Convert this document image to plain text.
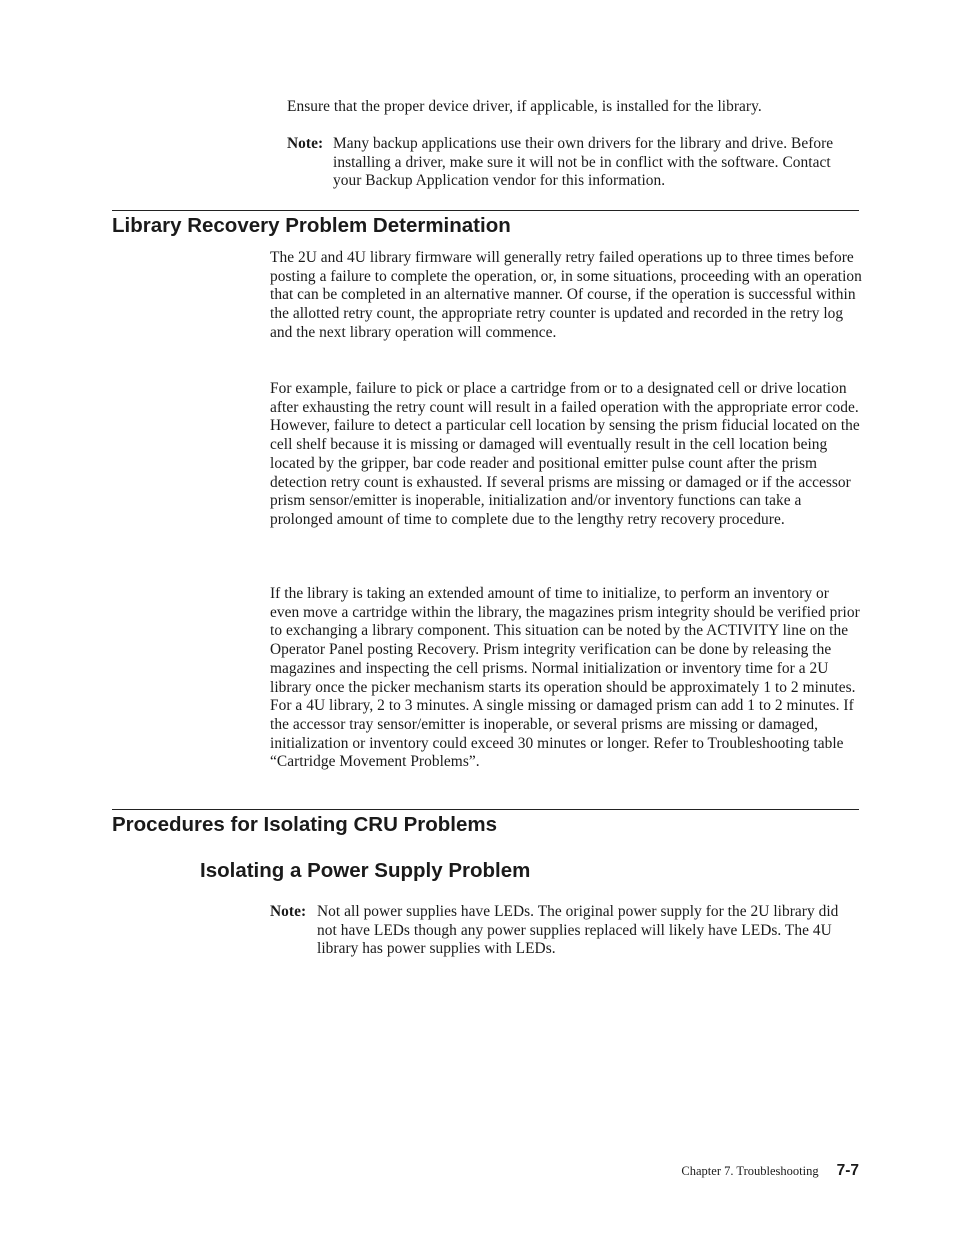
Ensure that the proper device driver, if applicable, is installed for the library.

Note: Many backup applications use their own drivers for the library and drive. Before installing a driver, make sure it will not be in conflict with the software. Contact your Backup Application vendor for this information.
Library Recovery Problem Determination

The 2U and 4U library firmware will generally retry failed operations up to three times before posting a failure to complete the operation, or, in some situations, proceeding with an operation that can be completed in an alternative manner. Of course, if the operation is successful within the allotted retry count, the appropriate retry counter is updated and recorded in the retry log and the next library operation will commence.

For example, failure to pick or place a cartridge from or to a designated cell or drive location after exhausting the retry count will result in a failed operation with the appropriate error code. However, failure to detect a particular cell location by sensing the prism fiducial located on the cell shelf because it is missing or damaged will eventually result in the cell location being located by the gripper, bar code reader and positional emitter pulse count after the prism detection retry count is exhausted. If several prisms are missing or damaged or if the accessor prism sensor/emitter is inoperable, initialization and/or inventory functions can take a prolonged amount of time to complete due to the lengthy retry recovery procedure.

If the library is taking an extended amount of time to initialize, to perform an inventory or even move a cartridge within the library, the magazines prism integrity should be verified prior to exchanging a library component. This situation can be noted by the ACTIVITY line on the Operator Panel posting Recovery. Prism integrity verification can be done by releasing the magazines and inspecting the cell prisms. Normal initialization or inventory time for a 2U library once the picker mechanism starts its operation should be approximately 1 to 2 minutes. For a 4U library, 2 to 3 minutes. A single missing or damaged prism can add 1 to 2 minutes. If the accessor tray sensor/emitter is inoperable, or several prisms are missing or damaged, initialization or inventory could exceed 30 minutes or longer. Refer to Troubleshooting table “Cartridge Movement Problems”.

Procedures for Isolating CRU Problems
Isolating a Power Supply Problem
Note: Not all power supplies have LEDs. The original power supply for the 2U library did not have LEDs though any power supplies replaced will likely have LEDs. The 4U library has power supplies with LEDs.
Chapter 7. Troubleshooting 7-7
